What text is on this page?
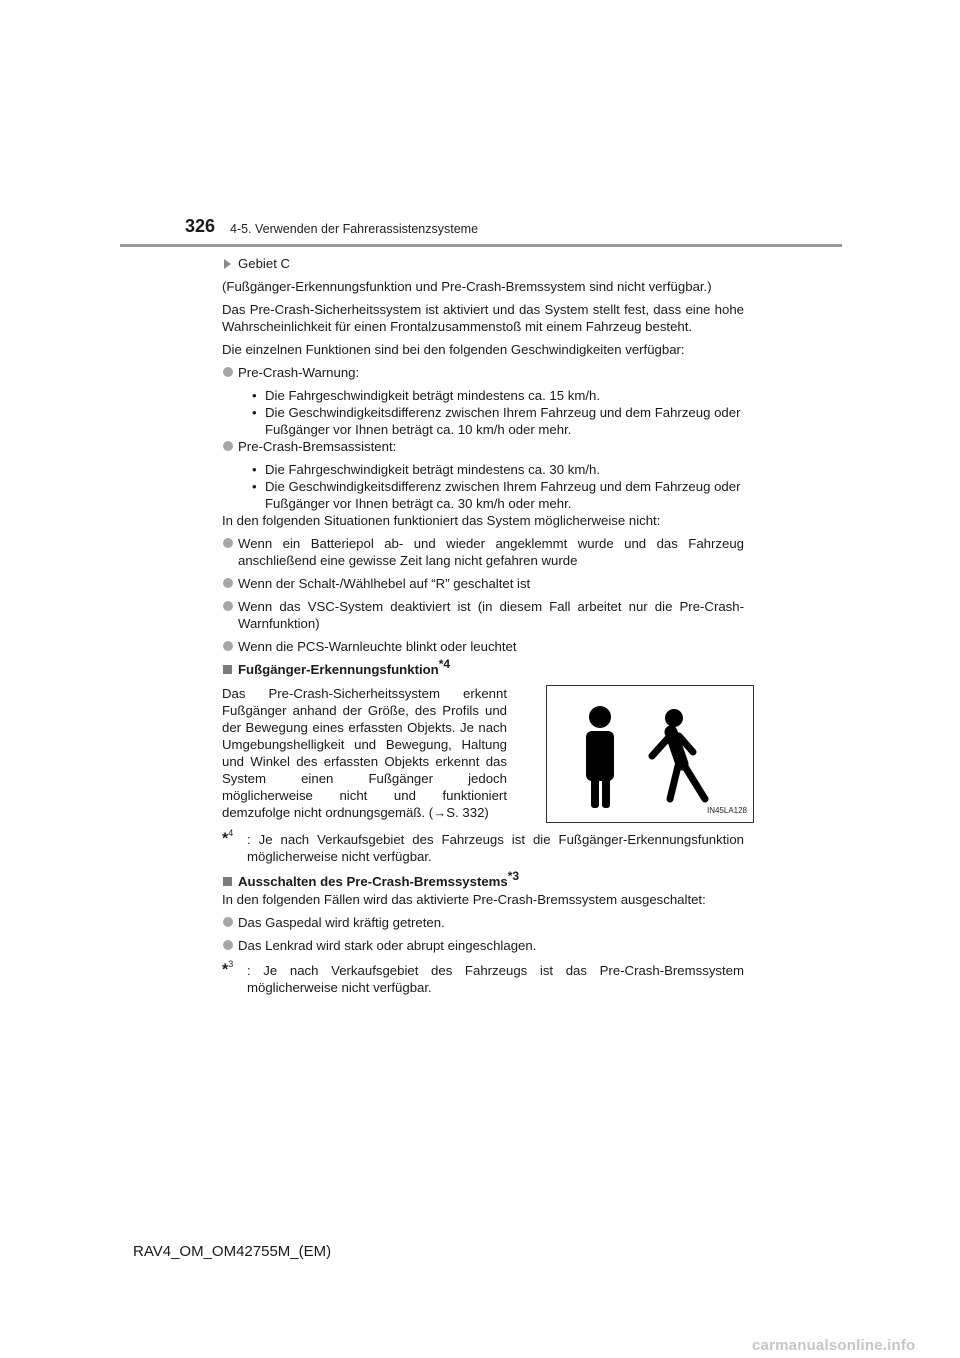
326 4-5. Verwenden der Fahrerassistenzsysteme

Gebiet C

(Fußgänger-Erkennungsfunktion und Pre-Crash-Bremssystem sind nicht verfügbar.)

Das Pre-Crash-Sicherheitssystem ist aktiviert und das System stellt fest, dass eine hohe Wahrscheinlichkeit für einen Frontalzusammenstoß mit einem Fahrzeug besteht.

Die einzelnen Funktionen sind bei den folgenden Geschwindigkeiten verfügbar:

Pre-Crash-Warnung:

• Die Fahrgeschwindigkeit beträgt mindestens ca. 15 km/h.

• Die Geschwindigkeitsdifferenz zwischen Ihrem Fahrzeug und dem Fahrzeug oder Fußgänger vor Ihnen beträgt ca. 10 km/h oder mehr.

Pre-Crash-Bremsassistent:

• Die Fahrgeschwindigkeit beträgt mindestens ca. 30 km/h.

• Die Geschwindigkeitsdifferenz zwischen Ihrem Fahrzeug und dem Fahrzeug oder Fußgänger vor Ihnen beträgt ca. 30 km/h oder mehr.

In den folgenden Situationen funktioniert das System möglicherweise nicht:

Wenn ein Batteriepol ab- und wieder angeklemmt wurde und das Fahrzeug anschließend eine gewisse Zeit lang nicht gefahren wurde

Wenn der Schalt-/Wählhebel auf “R” geschaltet ist

Wenn das VSC-System deaktiviert ist (in diesem Fall arbeitet nur die Pre-Crash-Warnfunktion)

Wenn die PCS-Warnleuchte blinkt oder leuchtet

Fußgänger-Erkennungsfunktion*4

Das Pre-Crash-Sicherheitssystem erkennt Fußgänger anhand der Größe, des Profils und der Bewegung eines erfassten Objekts. Je nach Umgebungshelligkeit und Bewegung, Haltung und Winkel des erfassten Objekts erkennt das System einen Fußgänger jedoch möglicherweise nicht und funktioniert demzufolge nicht ordnungsgemäß. (→S. 332)	IN45LA128

*$^4$ : Je nach Verkaufsgebiet des Fahrzeugs ist die Fußgänger-Erkennungsfunktion möglicherweise nicht verfügbar.

Ausschalten des Pre-Crash-Bremssystems*3

In den folgenden Fällen wird das aktivierte Pre-Crash-Bremssystem ausgeschaltet:

Das Gaspedal wird kräftig getreten.

Das Lenkrad wird stark oder abrupt eingeschlagen.

*$^3$ : Je nach Verkaufsgebiet des Fahrzeugs ist das Pre-Crash-Bremssystem möglicherweise nicht verfügbar.

RAV4_OM_OM42755M_(EM)
carmanualsonline.info
